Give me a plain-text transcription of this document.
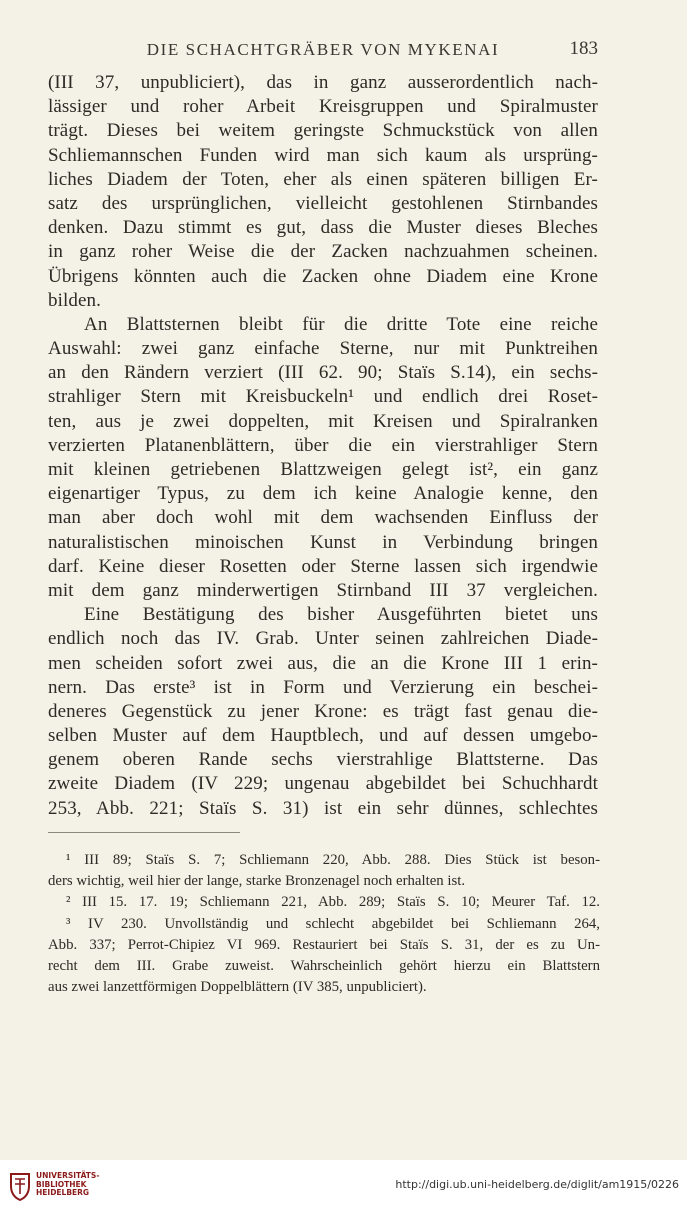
DIE SCHACHTGRÄBER VON MYKENAI	183
(III 37, unpubliciert), das in ganz ausserordentlich nach-
lässiger und roher Arbeit Kreisgruppen und Spiralmuster
trägt. Dieses bei weitem geringste Schmuckstück von allen
Schliemannschen Funden wird man sich kaum als ursprüng-
liches Diadem der Toten, eher als einen späteren billigen Er-
satz des ursprünglichen, vielleicht gestohlenen Stirnbandes
denken. Dazu stimmt es gut, dass die Muster dieses Bleches
in ganz roher Weise die der Zacken nachzuahmen scheinen.
Übrigens könnten auch die Zacken ohne Diadem eine Krone
bilden.
An Blattsternen bleibt für die dritte Tote eine reiche
Auswahl: zwei ganz einfache Sterne, nur mit Punktreihen
an den Rändern verziert (III 62. 90; Staïs S.14), ein sechs-
strahliger Stern mit Kreisbuckeln¹ und endlich drei Roset-
ten, aus je zwei doppelten, mit Kreisen und Spiralranken
verzierten Platanenblättern, über die ein vierstrahliger Stern
mit kleinen getriebenen Blattzweigen gelegt ist², ein ganz
eigenartiger Typus, zu dem ich keine Analogie kenne, den
man aber doch wohl mit dem wachsenden Einfluss der
naturalistischen minoischen Kunst in Verbindung bringen
darf. Keine dieser Rosetten oder Sterne lassen sich irgendwie
mit dem ganz minderwertigen Stirnband III 37 vergleichen.
Eine Bestätigung des bisher Ausgeführten bietet uns
endlich noch das IV. Grab. Unter seinen zahlreichen Diade-
men scheiden sofort zwei aus, die an die Krone III 1 erin-
nern. Das erste³ ist in Form und Verzierung ein beschei-
deneres Gegenstück zu jener Krone: es trägt fast genau die-
selben Muster auf dem Hauptblech, und auf dessen umgebo-
genem oberen Rande sechs vierstrahlige Blattsterne. Das
zweite Diadem (IV 229; ungenau abgebildet bei Schuchhardt
253, Abb. 221; Staïs S. 31) ist ein sehr dünnes, schlechtes
¹ III 89; Staïs S. 7; Schliemann 220, Abb. 288. Dies Stück ist beson-
ders wichtig, weil hier der lange, starke Bronzenagel noch erhalten ist.
² III 15. 17. 19; Schliemann 221, Abb. 289; Staïs S. 10; Meurer Taf. 12.
³ IV 230. Unvollständig und schlecht abgebildet bei Schliemann 264,
Abb. 337; Perrot-Chipiez VI 969. Restauriert bei Staïs S. 31, der es zu Un-
recht dem III. Grabe zuweist. Wahrscheinlich gehört hierzu ein Blattstern
aus zwei lanzettförmigen Doppelblättern (IV 385, unpubliciert).
UNIVERSITÄTS-
BIBLIOTHEK
HEIDELBERG
http://digi.ub.uni-heidelberg.de/diglit/am1915/0226
